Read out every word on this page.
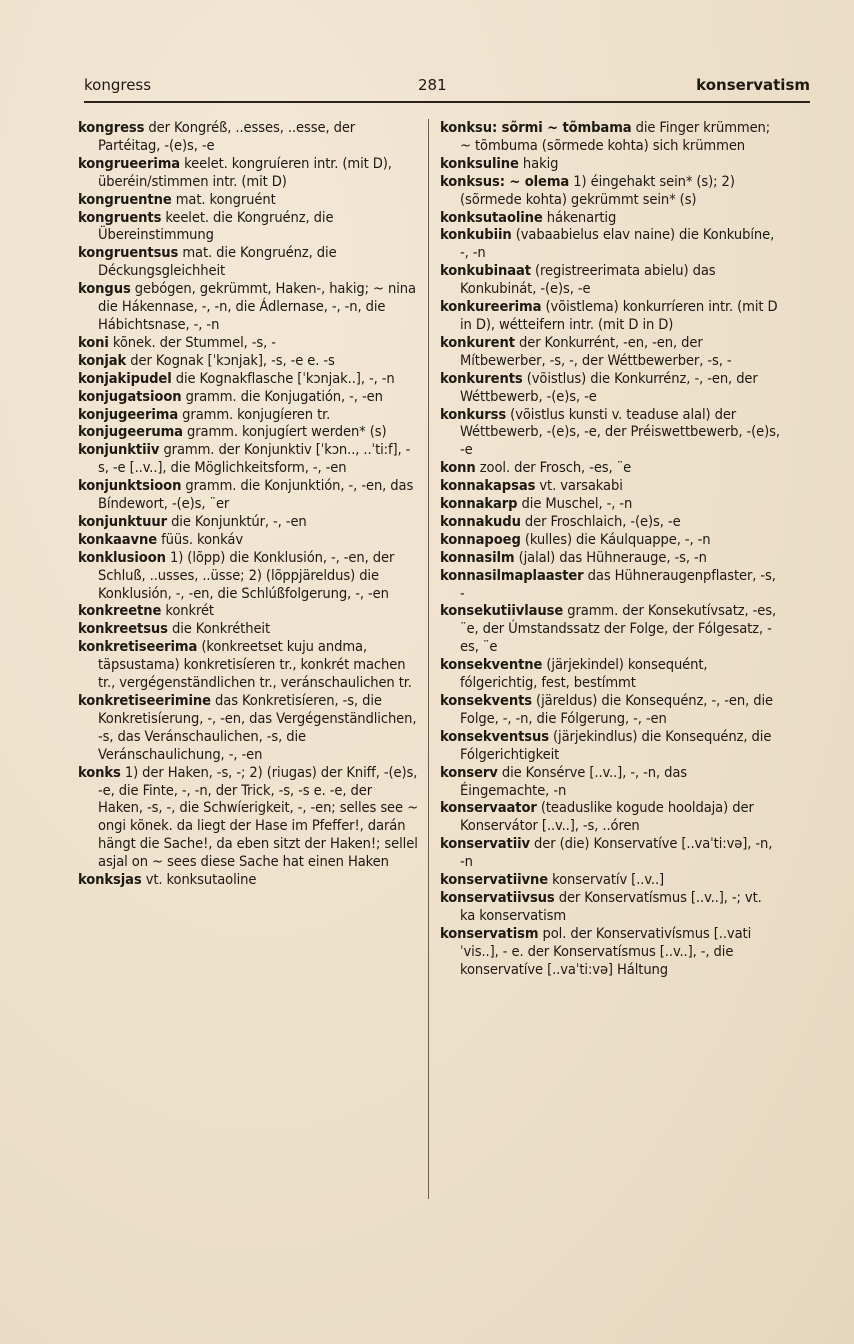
kongress	281	konservatism

kongress der Kongréß, ..esses, ..esse, der Partéitag, -(e)s, -e

kongrueerima keelet. kongruíeren intr. (mit D), überéin/stimmen intr. (mit D)

kongruentne mat. kongruént

kongruents keelet. die Kongruénz, die Übereinstimmung

kongruentsus mat. die Kongruénz, die Déckungsgleichheit

kongus gebógen, gekrümmt, Haken-, hakig; ~ nina die Hákennase, -, -n, die Ádlernase, -, -n, die Hábichtsnase, -, -n

koni kõnek. der Stummel, -s, -

konjak der Kognak [ˈkɔnjak], -s, -e e. -s

konjakipudel die Kognakflasche [ˈkɔnjak..], -, -n

konjugatsioon gramm. die Konjugatión, -, -en

konjugeerima gramm. konjugíeren tr.

konjugeeruma gramm. konjugíert werden* (s)

konjunktiiv gramm. der Konjunktiv [ˈkɔn.., ..ˈti:f], -s, -e [..v..], die Möglichkeitsform, -, -en

konjunktsioon gramm. die Konjunktión, -, -en, das Bíndewort, -(e)s, ¨er

konjunktuur die Konjunktúr, -, -en

konkaavne füüs. konkáv

konklusioon 1) (lõpp) die Konklusión, -, -en, der Schluß, ..usses, ..üsse; 2) (lõppjäreldus) die Konklusión, -, -en, die Schlúßfolgerung, -, -en

konkreetne konkrét

konkreetsus die Konkrétheit

konkretiseerima (konkreetset kuju andma, täpsustama) konkretisíeren tr., konkrét machen tr., vergégenständlichen tr., veránschaulichen tr.

konkretiseerimine das Konkretisíeren, -s, die Konkretisíerung, -, -en, das Vergégenständlichen, -s, das Veránschaulichen, -s, die Veránschaulichung, -, -en

konks 1) der Haken, -s, -; 2) (riugas) der Kniff, -(e)s, -e, die Finte, -, -n, der Trick, -s, -s e. -e, der Haken, -s, -, die Schwíerigkeit, -, -en; selles see ~ ongi kõnek. da liegt der Hase im Pfeffer!, darán hängt die Sache!, da eben sitzt der Haken!; sellel asjal on ~ sees diese Sache hat einen Haken

konksjas vt. konksutaoline

konksu: sõrmi ~ tõmbama die Finger krümmen; ~ tõmbuma (sõrmede kohta) sich krümmen

konksuline hakig

konksus: ~ olema 1) éingehakt sein* (s); 2) (sõrmede kohta) gekrümmt sein* (s)

konksutaoline hákenartig

konkubiin (vabaabielus elav naine) die Konkubíne, -, -n

konkubinaat (registreerimata abielu) das Konkubinát, -(e)s, -e

konkureerima (võistlema) konkurríeren intr. (mit D in D), wétteifern intr. (mit D in D)

konkurent der Konkurrént, -en, -en, der Mítbewerber, -s, -, der Wéttbewerber, -s, -

konkurents (võistlus) die Konkurrénz, -, -en, der Wéttbewerb, -(e)s, -e

konkurss (võistlus kunsti v. teaduse alal) der Wéttbewerb, -(e)s, -e, der Préiswettbewerb, -(e)s, -e

konn zool. der Frosch, -es, ¨e

konnakapsas vt. varsakabi

konnakarp die Muschel, -, -n

konnakudu der Froschlaich, -(e)s, -e

konnapoeg (kulles) die Káulquappe, -, -n

konnasilm (jalal) das Hühnerauge, -s, -n

konnasilmaplaaster das Hühneraugenpflaster, -s, -

konsekutiivlause gramm. der Konsekutívsatz, -es, ¨e, der Úmstandssatz der Folge, der Fólgesatz, -es, ¨e

konsekventne (järjekindel) konsequént, fólgerichtig, fest, bestímmt

konsekvents (järeldus) die Konsequénz, -, -en, die Folge, -, -n, die Fólgerung, -, -en

konsekventsus (järjekindlus) die Konsequénz, die Fólgerichtigkeit

konserv die Konsérve [..v..], -, -n, das Éingemachte, -n

konservaator (teaduslike kogude hooldaja) der Konservátor [..v..], -s, ..óren

konservatiiv der (die) Konservatíve [..vaˈti:və], -n, -n

konservatiivne konservatív [..v..]

konservatiivsus der Konservatísmus [..v..], -; vt. ka konservatism

konservatism pol. der Konservativísmus [..vatiˈvis..], - e. der Konservatísmus [..v..], -, die konservatíve [..vaˈti:və] Háltung
